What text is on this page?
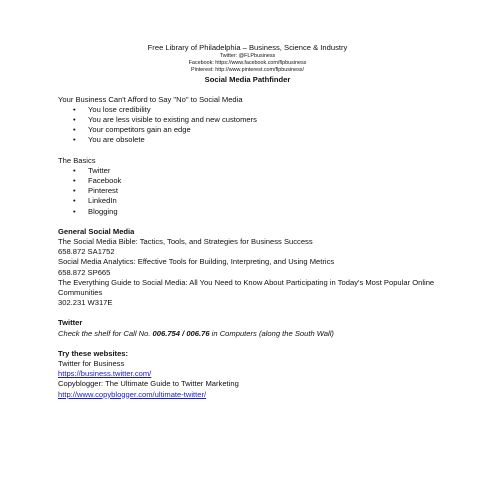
Free Library of Philadelphia – Business, Science & Industry
Twitter: @FLPbusiness
Facebook: https://www.facebook.com/flpbusiness
Pinterest: http://www.pinterest.com/flpbusiness/
Social Media Pathfinder
Your Business Can't Afford to Say "No" to Social Media
• You lose credibility
• You are less visible to existing and new customers
• Your competitors gain an edge
• You are obsolete
The Basics
• Twitter
• Facebook
• Pinterest
• LinkedIn
• Blogging
General Social Media
The Social Media Bible: Tactics, Tools, and Strategies for Business Success
658.872 SA1752
Social Media Analytics: Effective Tools for Building, Interpreting, and Using Metrics
658.872 SP665
The Everything Guide to Social Media: All You Need to Know About Participating in Today's Most Popular Online Communities
302.231 W317E
Twitter
Check the shelf for Call No. 006.754 / 006.76 in Computers (along the South Wall)
Try these websites:
Twitter for Business
https://business.twitter.com/
Copyblogger: The Ultimate Guide to Twitter Marketing
http://www.copyblogger.com/ultimate-twitter/
